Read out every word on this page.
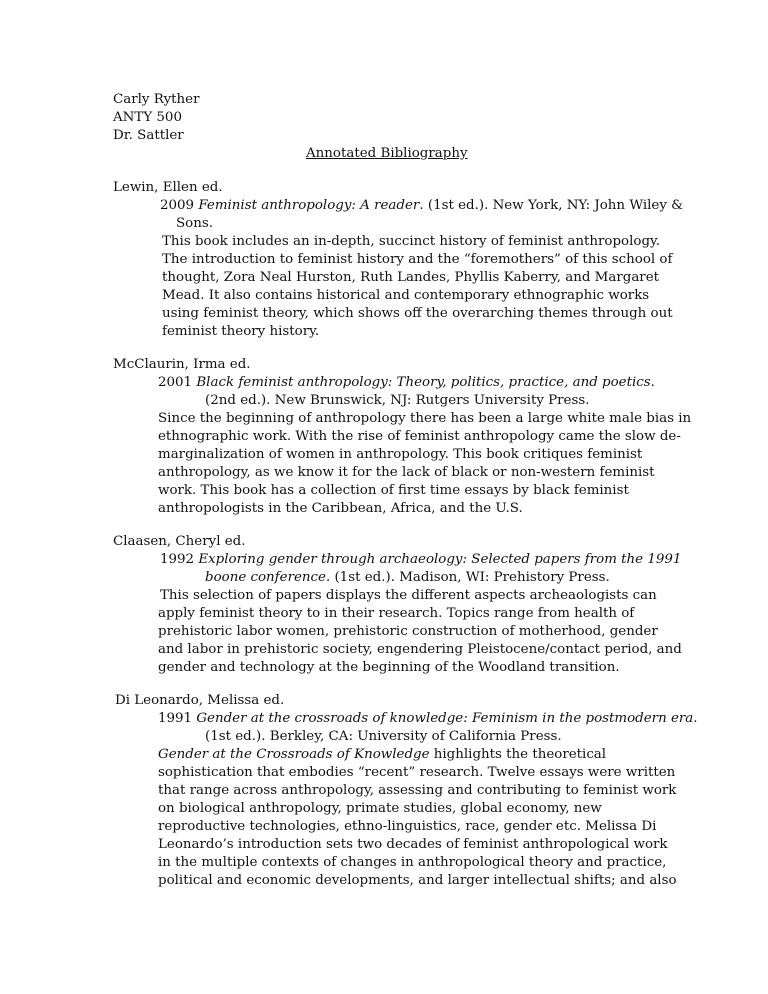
Carly Ryther
ANTY 500
Dr. Sattler
Annotated Bibliography
Lewin, Ellen ed.
2009 Feminist anthropology: A reader. (1st ed.). New York, NY: John Wiley &
Sons.
This book includes an in-depth, succinct history of feminist anthropology.
The introduction to feminist history and the “foremothers” of this school of
thought, Zora Neal Hurston, Ruth Landes, Phyllis Kaberry, and Margaret
Mead. It also contains historical and contemporary ethnographic works
using feminist theory, which shows off the overarching themes through out
feminist theory history.
McClaurin, Irma ed.
2001 Black feminist anthropology: Theory, politics, practice, and poetics.
(2nd ed.). New Brunswick, NJ: Rutgers University Press.
Since the beginning of anthropology there has been a large white male bias in
ethnographic work. With the rise of feminist anthropology came the slow de-
marginalization of women in anthropology. This book critiques feminist
anthropology, as we know it for the lack of black or non-western feminist
work. This book has a collection of first time essays by black feminist
anthropologists in the Caribbean, Africa, and the U.S.
Claasen, Cheryl ed.
1992 Exploring gender through archaeology: Selected papers from the 1991
boone conference. (1st ed.). Madison, WI: Prehistory Press.
This selection of papers displays the different aspects archeaologists can
apply feminist theory to in their research. Topics range from health of
prehistoric labor women, prehistoric construction of motherhood, gender
and labor in prehistoric society, engendering Pleistocene/contact period, and
gender and technology at the beginning of the Woodland transition.
Di Leonardo, Melissa ed.
1991 Gender at the crossroads of knowledge: Feminism in the postmodern era.
(1st ed.). Berkley, CA: University of California Press.
Gender at the Crossroads of Knowledge highlights the theoretical
sophistication that embodies “recent” research. Twelve essays were written
that range across anthropology, assessing and contributing to feminist work
on biological anthropology, primate studies, global economy, new
reproductive technologies, ethno-linguistics, race, gender etc. Melissa Di
Leonardo’s introduction sets two decades of feminist anthropological work
in the multiple contexts of changes in anthropological theory and practice,
political and economic developments, and larger intellectual shifts; and also
